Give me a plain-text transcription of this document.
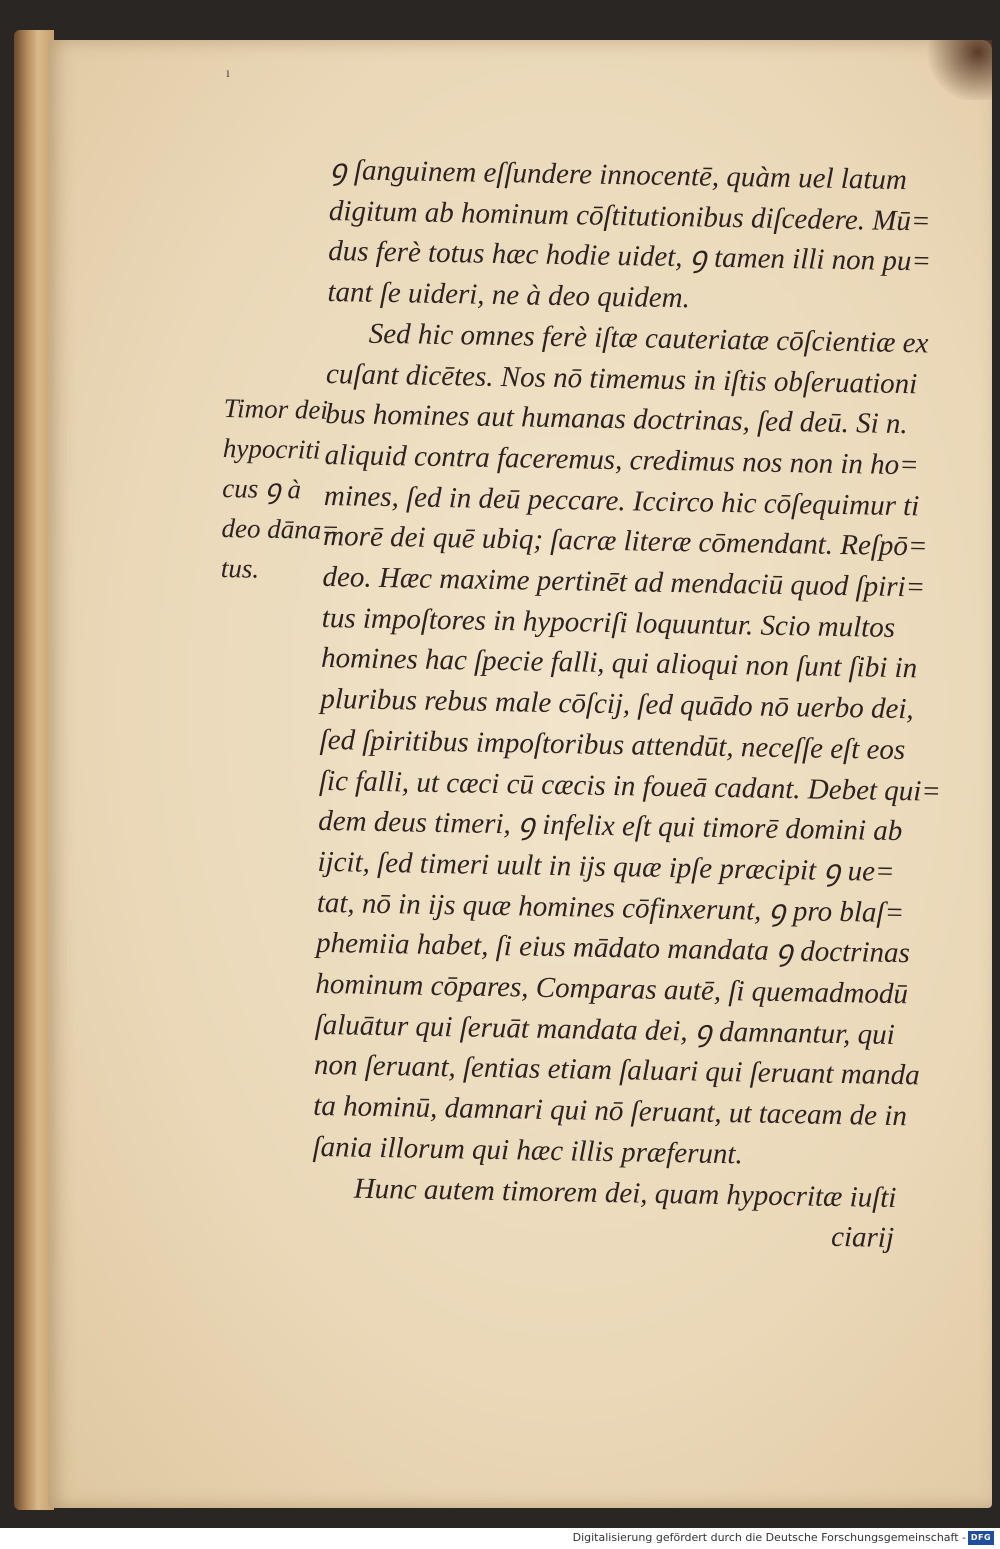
ı
ꝯ ſanguinem eſſundere innocentē, quàm uel latum
digitum ab hominum cōſtitutionibus diſcedere. Mū=
dus ferè totus hæc hodie uidet, ꝯ tamen illi non pu=
tant ſe uideri, ne à deo quidem.
Sed hic omnes ferè iſtæ cauteriatæ cōſcientiæ ex
cuſant dicētes. Nos nō timemus in iſtis obſeruationi
bus homines aut humanas doctrinas, ſed deū. Si n.
aliquid contra faceremus, credimus nos non in ho=
mines, ſed in deū peccare. Iccirco hic cōſequimur ti
morē dei quē ubiq; ſacræ literæ cōmendant. Reſpō=
deo. Hæc maxime pertinēt ad mendaciū quod ſpiri=
tus impoſtores in hypocriſi loquuntur. Scio multos
homines hac ſpecie falli, qui alioqui non ſunt ſibi in
pluribus rebus male cōſcij, ſed quādo nō uerbo dei,
ſed ſpiritibus impoſtoribus attendūt, neceſſe eſt eos
ſic falli, ut cæci cū cæcis in foueā cadant. Debet qui=
dem deus timeri, ꝯ infelix eſt qui timorē domini ab
ijcit, ſed timeri uult in ijs quæ ipſe præcipit ꝯ ue=
tat, nō in ijs quæ homines cōfinxerunt, ꝯ pro blaſ=
phemiia habet, ſi eius mādato mandata ꝯ doctrinas
hominum cōpares, Comparas autē, ſi quemadmodū
ſaluātur qui ſeruāt mandata dei, ꝯ damnantur, qui
non ſeruant, ſentias etiam ſaluari qui ſeruant manda
ta hominū, damnari qui nō ſeruant, ut taceam de in
ſania illorum qui hæc illis præferunt.
Hunc autem timorem dei, quam hypocritæ iuſti
ciarij
Timor dei
hypocriti
cus ꝯ à
deo dāna=
tus.
Digitalisierung gefördert durch die Deutsche Forschungsgemeinschaft - DFG
